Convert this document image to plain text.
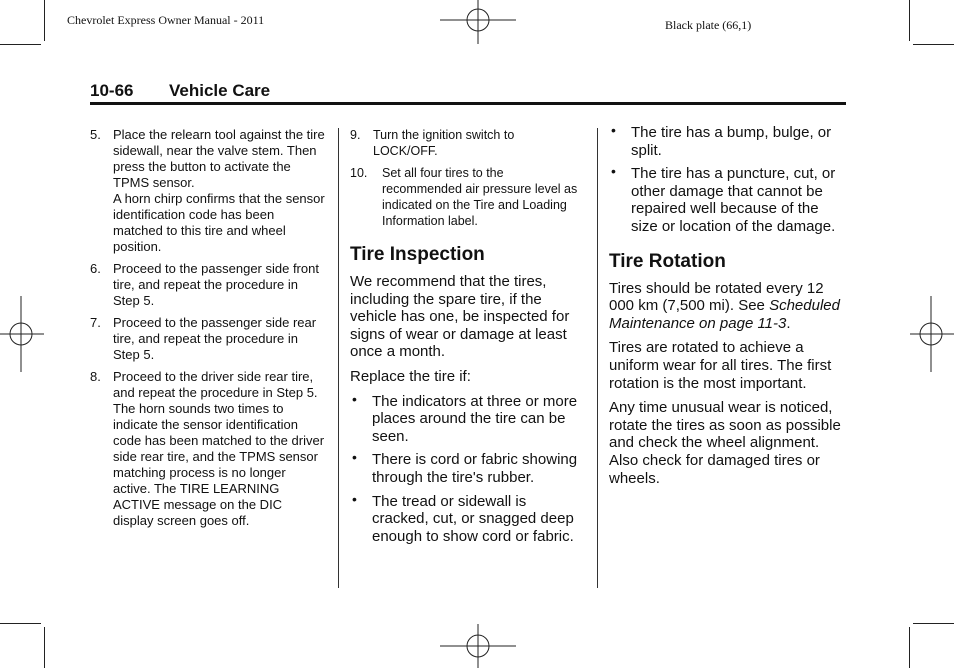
Chevrolet Express Owner Manual - 2011	Black plate (66,1)
10-66 Vehicle Care
5. Place the relearn tool against the tire sidewall, near the valve stem. Then press the button to activate the TPMS sensor.
A horn chirp confirms that the sensor identification code has been matched to this tire and wheel position.
6. Proceed to the passenger side front tire, and repeat the procedure in Step 5.
7. Proceed to the passenger side rear tire, and repeat the procedure in Step 5.
8. Proceed to the driver side rear tire, and repeat the procedure in Step 5. The horn sounds two times to indicate the sensor identification code has been matched to the driver side rear tire, and the TPMS sensor matching process is no longer active. The TIRE LEARNING ACTIVE message on the DIC display screen goes off.
9. Turn the ignition switch to LOCK/OFF.
10. Set all four tires to the recommended air pressure level as indicated on the Tire and Loading Information label.
Tire Inspection

We recommend that the tires, including the spare tire, if the vehicle has one, be inspected for signs of wear or damage at least once a month.

Replace the tire if:

• The indicators at three or more places around the tire can be seen.
• There is cord or fabric showing through the tire's rubber.
• The tread or sidewall is cracked, cut, or snagged deep enough to show cord or fabric.
• The tire has a bump, bulge, or split.
• The tire has a puncture, cut, or other damage that cannot be repaired well because of the size or location of the damage.
Tire Rotation

Tires should be rotated every 12 000 km (7,500 mi). See Scheduled Maintenance on page 11-3.

Tires are rotated to achieve a uniform wear for all tires. The first rotation is the most important.

Any time unusual wear is noticed, rotate the tires as soon as possible and check the wheel alignment. Also check for damaged tires or wheels.
